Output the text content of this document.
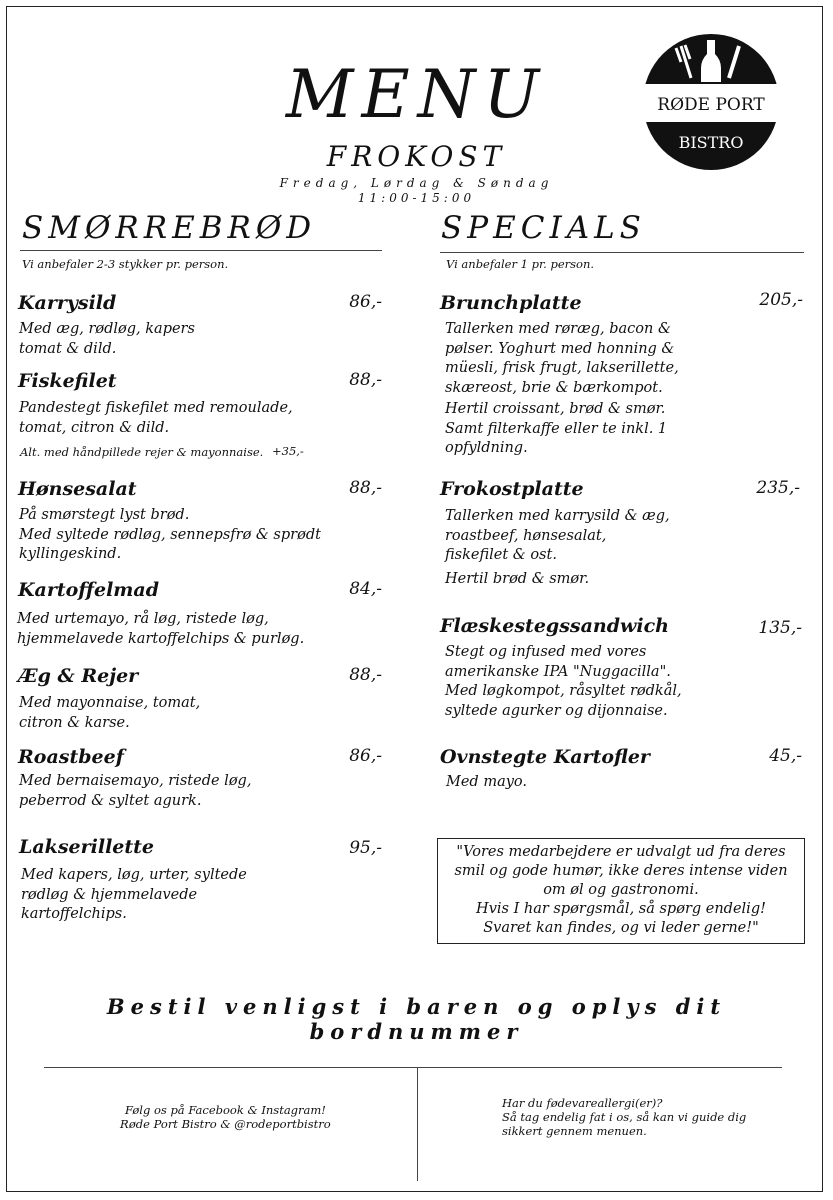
MENU
FROKOST
Fredag, Lørdag & Søndag
11:00-15:00
RØDE PORT
BISTRO
SMØRREBRØD
Vi anbefaler 2-3 stykker pr. person.
Karrysild	86,-
Med æg, rødløg, kapers
tomat & dild.
Fiskefilet	88,-
Pandestegt fiskefilet med remoulade,
tomat, citron & dild.
Alt. med håndpillede rejer & mayonnaise. +35,-
Hønsesalat	88,-
På smørstegt lyst brød.
Med syltede rødløg, sennepsfrø & sprødt
kyllingeskind.
Kartoffelmad	84,-
Med urtemayo, rå løg, ristede løg,
hjemmelavede kartoffelchips & purløg.
Æg & Rejer	88,-
Med mayonnaise, tomat,
citron & karse.
Roastbeef	86,-
Med bernaisemayo, ristede løg,
peberrod & syltet agurk.
Lakserillette	95,-
Med kapers, løg, urter, syltede
rødløg & hjemmelavede
kartoffelchips.
SPECIALS
Vi anbefaler 1 pr. person.
Brunchplatte	205,-
Tallerken med røræg, bacon &
pølser. Yoghurt med honning &
müesli, frisk frugt, lakserillette,
skæreost, brie & bærkompot.
Hertil croissant, brød & smør.
Samt filterkaffe eller te inkl. 1
opfyldning.
Frokostplatte	235,-
Tallerken med karrysild & æg,
roastbeef, hønsesalat,
fiskefilet & ost.
Hertil brød & smør.
Flæskestegssandwich	135,-
Stegt og infused med vores
amerikanske IPA "Nuggacilla".
Med løgkompot, råsyltet rødkål,
syltede agurker og dijonnaise.
Ovnstegte Kartofler	45,-
Med mayo.
"Vores medarbejdere er udvalgt ud fra deres
smil og gode humør, ikke deres intense viden
om øl og gastronomi.
Hvis I har spørgsmål, så spørg endelig!
Svaret kan findes, og vi leder gerne!"
Bestil venligst i baren og oplys dit bordnummer
Følg os på Facebook & Instagram!
Røde Port Bistro & @rodeportbistro
Har du fødevareallergi(er)?
Så tag endelig fat i os, så kan vi guide dig
sikkert gennem menuen.
